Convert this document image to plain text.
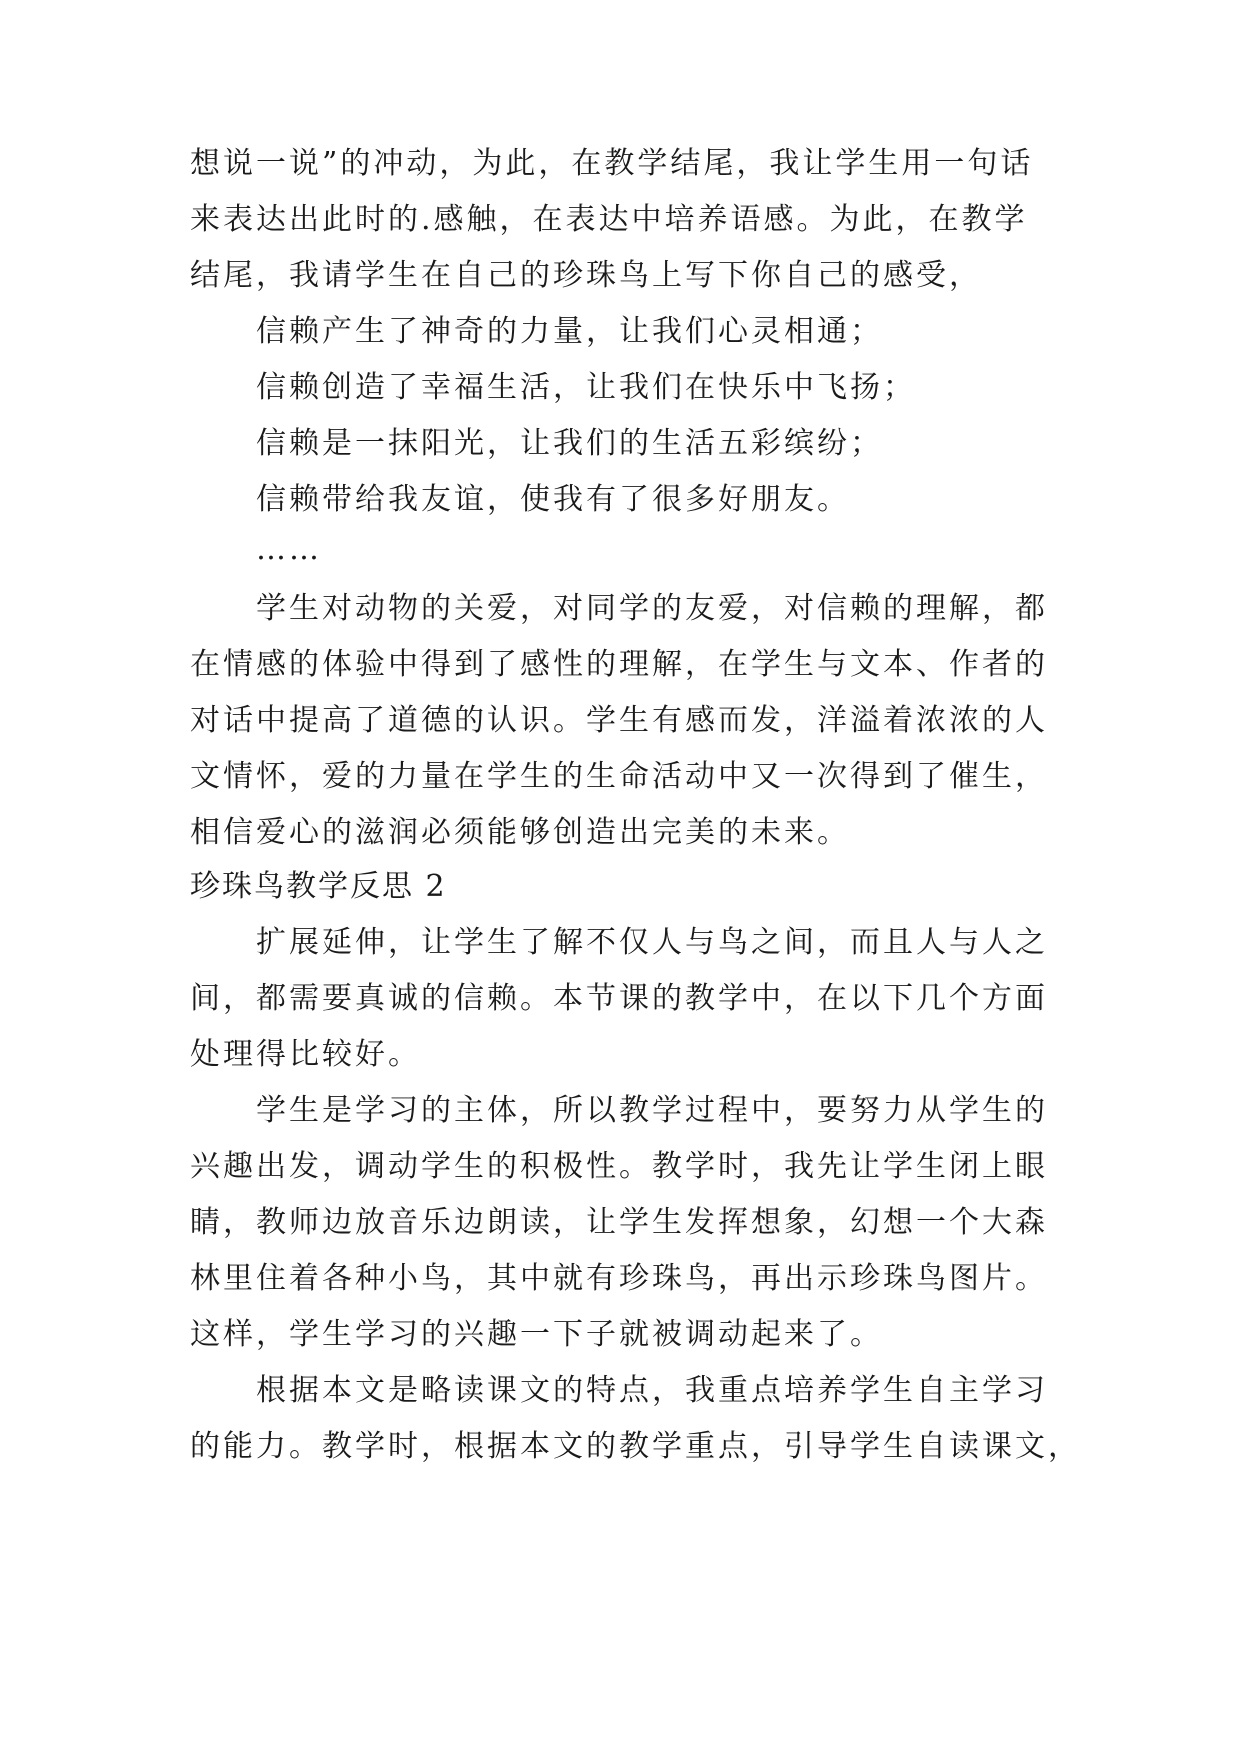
想说一说”的冲动，为此，在教学结尾，我让学生用一句话
来表达出此时的.感触，在表达中培养语感。为此，在教学
结尾，我请学生在自己的珍珠鸟上写下你自己的感受，
信赖产生了神奇的力量，让我们心灵相通；
信赖创造了幸福生活，让我们在快乐中飞扬；
信赖是一抹阳光，让我们的生活五彩缤纷；
信赖带给我友谊，使我有了很多好朋友。
……
学生对动物的关爱，对同学的友爱，对信赖的理解，都
在情感的体验中得到了感性的理解，在学生与文本、作者的
对话中提高了道德的认识。学生有感而发，洋溢着浓浓的人
文情怀，爱的力量在学生的生命活动中又一次得到了催生，
相信爱心的滋润必须能够创造出完美的未来。
珍珠鸟教学反思 2
扩展延伸，让学生了解不仅人与鸟之间，而且人与人之
间，都需要真诚的信赖。本节课的教学中，在以下几个方面
处理得比较好。
学生是学习的主体，所以教学过程中，要努力从学生的
兴趣出发，调动学生的积极性。教学时，我先让学生闭上眼
睛，教师边放音乐边朗读，让学生发挥想象，幻想一个大森
林里住着各种小鸟，其中就有珍珠鸟，再出示珍珠鸟图片。
这样，学生学习的兴趣一下子就被调动起来了。
根据本文是略读课文的特点，我重点培养学生自主学习
的能力。教学时，根据本文的教学重点，引导学生自读课文，
